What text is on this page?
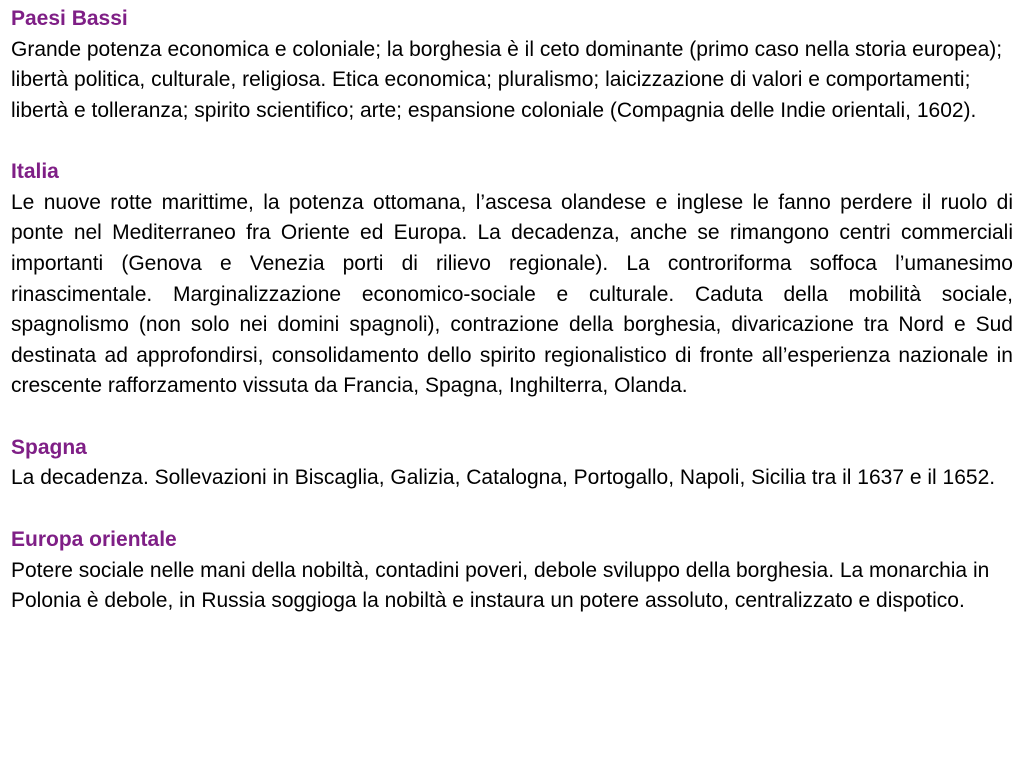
Paesi Bassi

Grande potenza economica e coloniale; la borghesia è il ceto dominante (primo caso nella storia europea); libertà politica, culturale, religiosa. Etica economica; pluralismo; laicizzazione di valori e comportamenti; libertà e tolleranza; spirito scientifico; arte; espansione coloniale (Compagnia delle Indie orientali, 1602).

Italia

Le nuove rotte marittime, la potenza ottomana, l’ascesa olandese e inglese le fanno perdere il ruolo di ponte nel Mediterraneo fra Oriente ed Europa. La decadenza, anche se rimangono centri commerciali importanti (Genova e Venezia porti di rilievo regionale). La controriforma soffoca l’umanesimo rinascimentale. Marginalizzazione economico-sociale e culturale. Caduta della mobilità sociale, spagnolismo (non solo nei domini spagnoli), contrazione della borghesia, divaricazione tra Nord e Sud destinata ad approfondirsi, consolidamento dello spirito regionalistico di fronte all’esperienza nazionale in crescente rafforzamento vissuta da Francia, Spagna, Inghilterra, Olanda.

Spagna

La decadenza. Sollevazioni in Biscaglia, Galizia, Catalogna, Portogallo, Napoli, Sicilia tra il 1637 e il 1652.

Europa orientale

Potere sociale nelle mani della nobiltà, contadini poveri, debole sviluppo della borghesia. La monarchia in Polonia è debole, in Russia soggioga la nobiltà e instaura un potere assoluto, centralizzato e dispotico.
